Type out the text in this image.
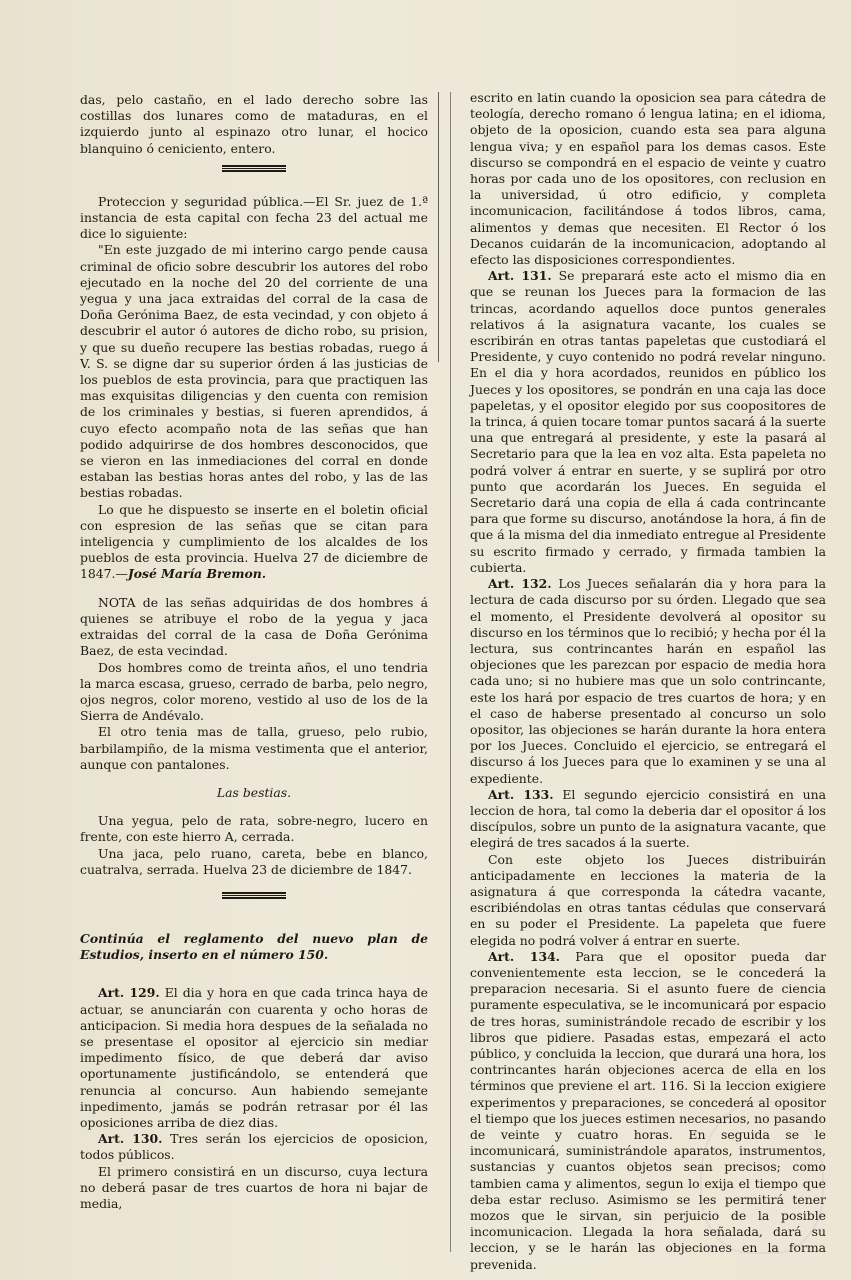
das, pelo castaño, en el lado derecho sobre las costillas dos lunares como de mataduras, en el izquierdo junto al espinazo otro lunar, el hocico blanquino ó ceniciento, entero.

Proteccion y seguridad pública.—El Sr. juez de 1.ª instancia de esta capital con fecha 23 del actual me dice lo siguiente:

"En este juzgado de mi interino cargo pende causa criminal de oficio sobre descubrir los autores del robo ejecutado en la noche del 20 del corriente de una yegua y una jaca extraidas del corral de la casa de Doña Gerónima Baez, de esta vecindad, y con objeto á descubrir el autor ó autores de dicho robo, su prision, y que su dueño recupere las bestias robadas, ruego á V. S. se digne dar su superior órden á las justicias de los pueblos de esta provincia, para que practiquen las mas exquisitas diligencias y den cuenta con remision de los criminales y bestias, si fueren aprendidos, á cuyo efecto acompaño nota de las señas que han podido adquirirse de dos hombres desconocidos, que se vieron en las inmediaciones del corral en donde estaban las bestias horas antes del robo, y las de las bestias robadas.

Lo que he dispuesto se inserte en el boletin oficial con espresion de las señas que se citan para inteligencia y cumplimiento de los alcaldes de los pueblos de esta provincia. Huelva 27 de diciembre de 1847.—José María Bremon.

NOTA de las señas adquiridas de dos hombres á quienes se atribuye el robo de la yegua y jaca extraidas del corral de la casa de Doña Gerónima Baez, de esta vecindad.

Dos hombres como de treinta años, el uno tendria la marca escasa, grueso, cerrado de barba, pelo negro, ojos negros, color moreno, vestido al uso de los de la Sierra de Andévalo.

El otro tenia mas de talla, grueso, pelo rubio, barbilampiño, de la misma vestimenta que el anterior, aunque con pantalones.

Las bestias.

Una yegua, pelo de rata, sobre-negro, lucero en frente, con este hierro A, cerrada.

Una jaca, pelo ruano, careta, bebe en blanco, cuatralva, serrada. Huelva 23 de diciembre de 1847.

Continúa el reglamento del nuevo plan de Estudios, inserto en el número 150.

Art. 129. El dia y hora en que cada trinca haya de actuar, se anunciarán con cuarenta y ocho horas de anticipacion. Si media hora despues de la señalada no se presentase el opositor al ejercicio sin mediar impedimento físico, de que deberá dar aviso oportunamente justificándolo, se entenderá que renuncia al concurso. Aun habiendo semejante inpedimento, jamás se podrán retrasar por él las oposiciones arriba de diez dias.

Art. 130. Tres serán los ejercicios de oposicion, todos públicos.

El primero consistirá en un discurso, cuya lectura no deberá pasar de tres cuartos de hora ni bajar de media,

escrito en latin cuando la oposicion sea para cátedra de teología, derecho romano ó lengua latina; en el idioma, objeto de la oposicion, cuando esta sea para alguna lengua viva; y en español para los demas casos. Este discurso se compondrá en el espacio de veinte y cuatro horas por cada uno de los opositores, con reclusion en la universidad, ú otro edificio, y completa incomunicacion, facilitándose á todos libros, cama, alimentos y demas que necesiten. El Rector ó los Decanos cuidarán de la incomunicacion, adoptando al efecto las disposiciones correspondientes.

Art. 131. Se preparará este acto el mismo dia en que se reunan los Jueces para la formacion de las trincas, acordando aquellos doce puntos generales relativos á la asignatura vacante, los cuales se escribirán en otras tantas papeletas que custodiará el Presidente, y cuyo contenido no podrá revelar ninguno. En el dia y hora acordados, reunidos en público los Jueces y los opositores, se pondrán en una caja las doce papeletas, y el opositor elegido por sus coopositores de la trinca, á quien tocare tomar puntos sacará á la suerte una que entregará al presidente, y este la pasará al Secretario para que la lea en voz alta. Esta papeleta no podrá volver á entrar en suerte, y se suplirá por otro punto que acordarán los Jueces. En seguida el Secretario dará una copia de ella á cada contrincante para que forme su discurso, anotándose la hora, á fin de que á la misma del dia inmediato entregue al Presidente su escrito firmado y cerrado, y firmada tambien la cubierta.

Art. 132. Los Jueces señalarán dia y hora para la lectura de cada discurso por su órden. Llegado que sea el momento, el Presidente devolverá al opositor su discurso en los términos que lo recibió; y hecha por él la lectura, sus contrincantes harán en español las objeciones que les parezcan por espacio de media hora cada uno; si no hubiere mas que un solo contrincante, este los hará por espacio de tres cuartos de hora; y en el caso de haberse presentado al concurso un solo opositor, las objeciones se harán durante la hora entera por los Jueces. Concluido el ejercicio, se entregará el discurso á los Jueces para que lo examinen y se una al expediente.

Art. 133. El segundo ejercicio consistirá en una leccion de hora, tal como la deberia dar el opositor á los discípulos, sobre un punto de la asignatura vacante, que elegirá de tres sacados á la suerte.

Con este objeto los Jueces distribuirán anticipadamente en lecciones la materia de la asignatura á que corresponda la cátedra vacante, escribiéndolas en otras tantas cédulas que conservará en su poder el Presidente. La papeleta que fuere elegida no podrá volver á entrar en suerte.

Art. 134. Para que el opositor pueda dar convenientemente esta leccion, se le concederá la preparacion necesaria. Si el asunto fuere de ciencia puramente especulativa, se le incomunicará por espacio de tres horas, suministrándole recado de escribir y los libros que pidiere. Pasadas estas, empezará el acto público, y concluida la leccion, que durará una hora, los contrincantes harán objeciones acerca de ella en los términos que previene el art. 116. Si la leccion exigiere experimentos y preparaciones, se concederá al opositor el tiempo que los jueces estimen necesarios, no pasando de veinte y cuatro horas. En seguida se le incomunicará, suministrándole aparatos, instrumentos, sustancias y cuantos objetos sean precisos; como tambien cama y alimentos, segun lo exija el tiempo que deba estar recluso. Asimismo se les permitirá tener mozos que le sirvan, sin perjuicio de la posible incomunicacion. Llegada la hora señalada, dará su leccion, y se le harán las objeciones en la forma prevenida.
